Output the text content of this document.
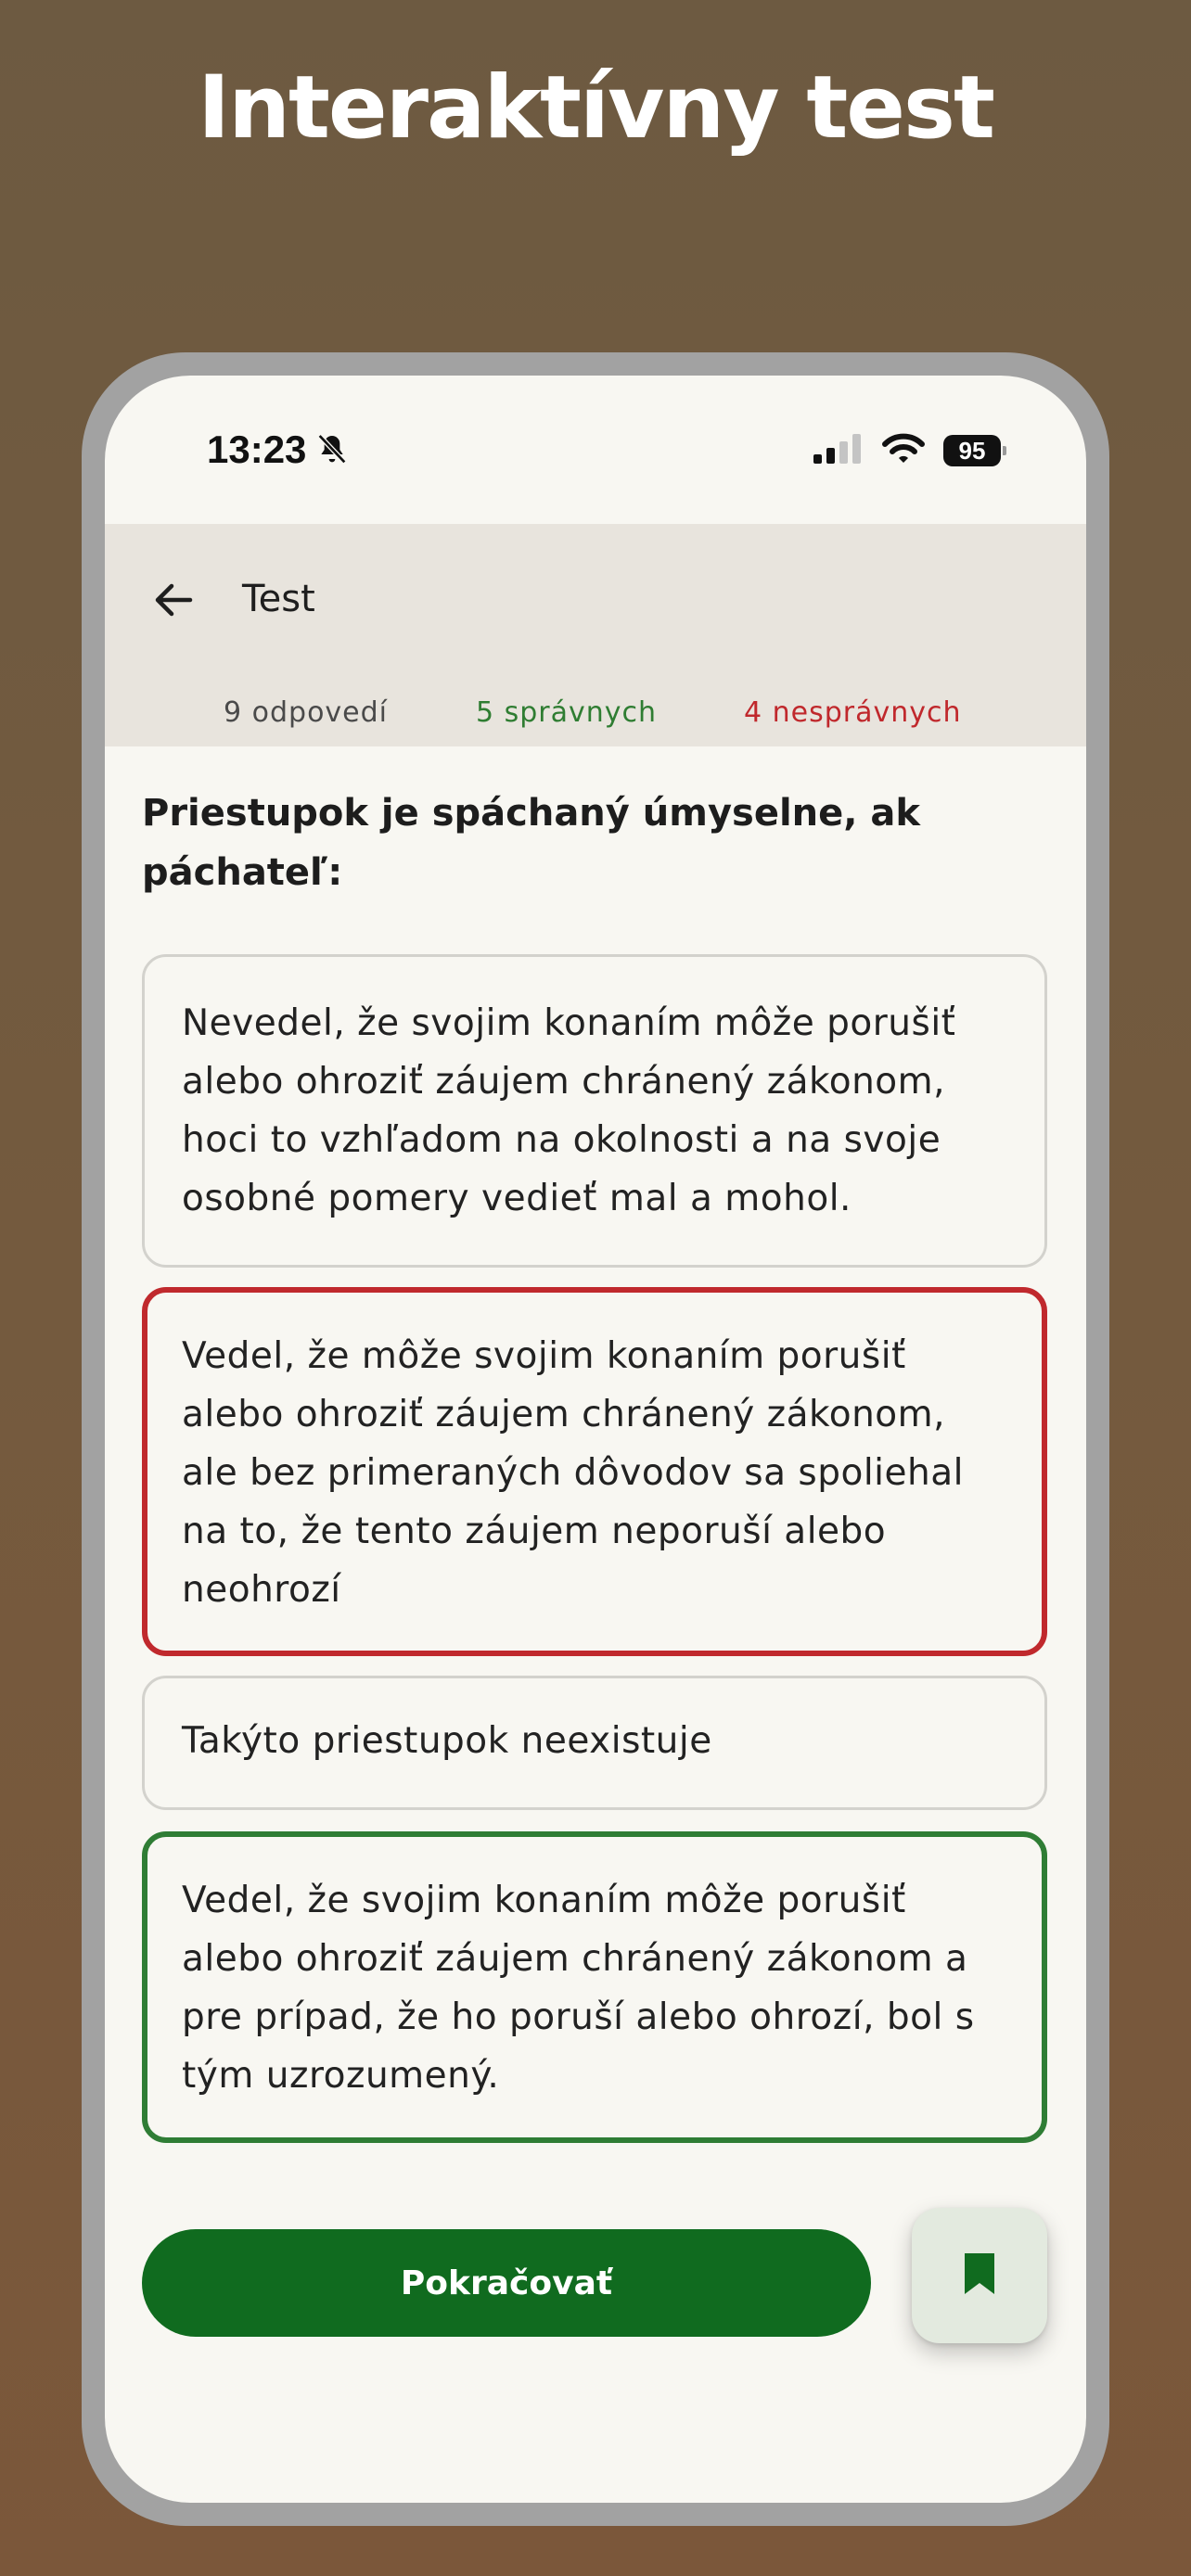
Interaktívny test
13:23	95
Test
9 odpovedí	5 správnych	4 nesprávnych
Priestupok je spáchaný úmyselne, ak páchateľ:
Nevedel, že svojim konaním môže porušiť alebo ohroziť záujem chránený zákonom, hoci to vzhľadom na okolnosti a na svoje osobné pomery vedieť mal a mohol.
Vedel, že môže svojim konaním porušiť alebo ohroziť záujem chránený zákonom, ale bez primeraných dôvodov sa spoliehal na to, že tento záujem neporuší alebo neohrozí
Takýto priestupok neexistuje
Vedel, že svojim konaním môže porušiť alebo ohroziť záujem chránený zákonom a pre prípad, že ho poruší alebo ohrozí, bol s tým uzrozumený.
Pokračovať
